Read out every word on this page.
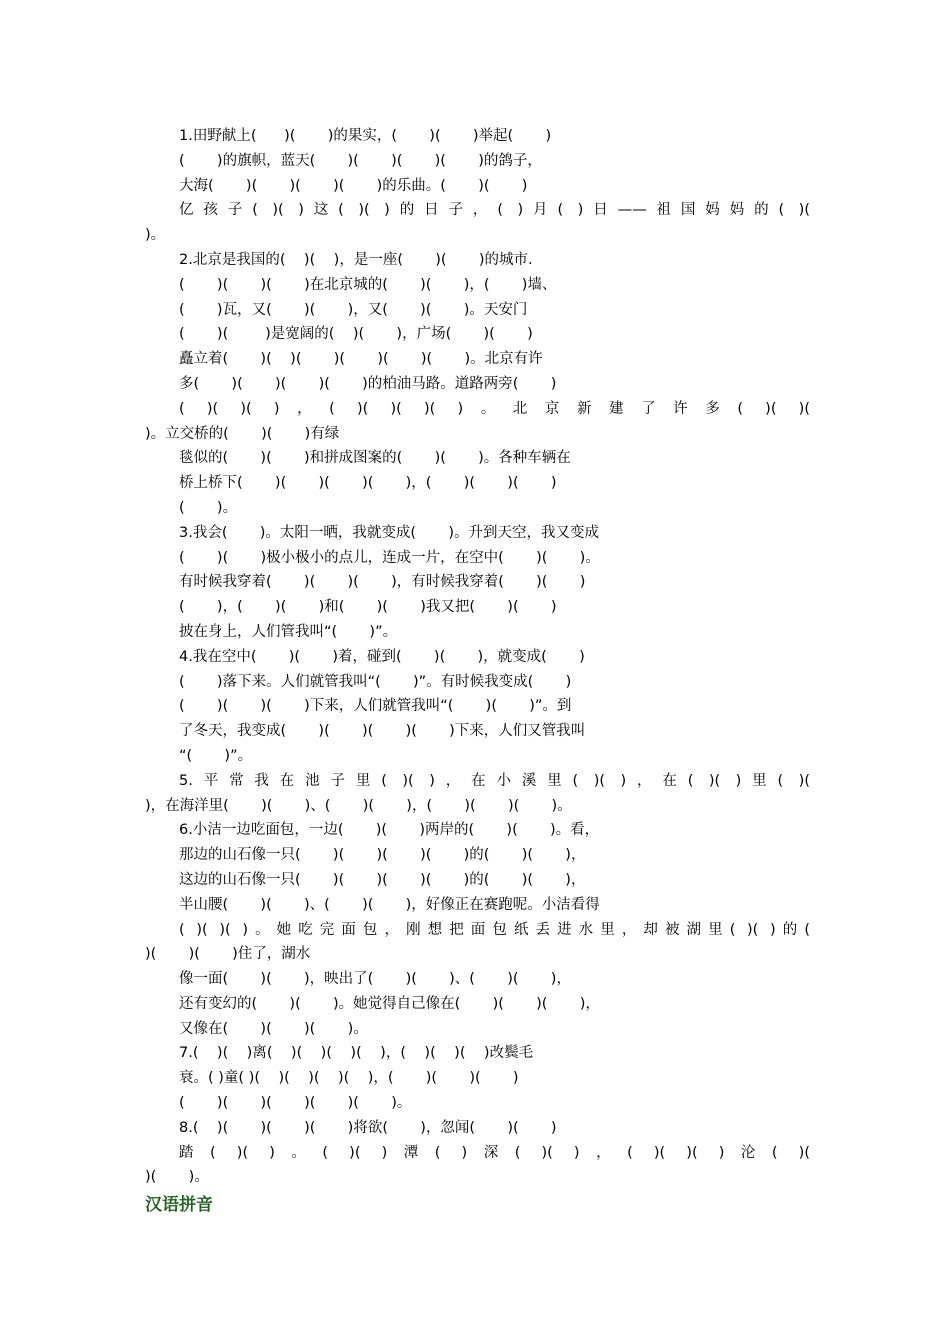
1.田野献上(      )(       )的果实，(       )(       )举起(       )
(       )的旗帜，蓝天(       )(       )(       )(       )的鸽子，
大海(       )(       )(       )(       )的乐曲。(       )(       )
亿孩子( )( )这( )( )的日子，( )月( )日——祖国妈妈的( )(
)。
2.北京是我国的(    )(    )，是一座(       )(       )的城市.
(       )(       )(       )在北京城的(       )(       )，(       )墙、
(       )瓦，又(       )(       )，又(       )(       )。天安门
(       )(        )是宽阔的(    )(       )，广场(       )(       )
矗立着(       )(    )(       )(       )(       )(       )。北京有许
多(       )(       )(       )(       )的柏油马路。道路两旁(       )
( )( )( )，( )( )( )( )。北京新建了许多( )( )(
)。立交桥的(       )(       )有绿
毯似的(       )(       )和拼成图案的(       )(       )。各种车辆在
桥上桥下(       )(       )(       )(       )，(       )(       )(       )
(       )。
3.我会(       )。太阳一晒，我就变成(       )。升到天空，我又变成
(       )(       )极小极小的点儿，连成一片，在空中(       )(       )。
有时候我穿着(       )(       )(       )，有时候我穿着(       )(       )
(       )，(       )(       )和(       )(       )我又把(       )(       )
披在身上，人们管我叫“(       )”。
4.我在空中(       )(       )着，碰到(       )(       )，就变成(       )
(       )落下来。人们就管我叫“(       )”。有时候我变成(       )
(       )(       )(       )下来，人们就管我叫“(       )(       )”。到
了冬天，我变成(       )(       )(       )(       )下来，人们又管我叫
“(       )”。
5.平常我在池子里( )( )，在小溪里( )( )，在( )( )里( )(
)，在海洋里(       )(       )、(       )(       )，(       )(       )(       )。
6.小洁一边吃面包，一边(       )(       )两岸的(       )(       )。看，
那边的山石像一只(       )(       )(       )(       )的(       )(       )，
这边的山石像一只(       )(       )(       )(       )的(       )(       )，
半山腰(       )(       )、(       )(       )，好像正在赛跑呢。小洁看得
( )( )( )。她吃完面包，刚想把面包纸丢进水里，却被湖里( )( )的(
)(       )(       )住了，湖水
像一面(       )(       )，映出了(       )(       )、(       )(       )，
还有变幻的(       )(       )。她觉得自己像在(       )(       )(       )，
又像在(       )(       )(       )。
7.(    )(    )离(    )(    )(    )(    )，(    )(    )(    )改鬓毛
衰。( )童( )(    )(    )(    )(    )，(       )(       )(       )
(       )(       )(       )(       )(       )。
8.(    )(       )(       )(       )将欲(       )，忽闻(       )(       )
踏( )( )。( )( )潭( )深( )( )，( )( )( )沦( )(
)(       )。
汉语拼音
